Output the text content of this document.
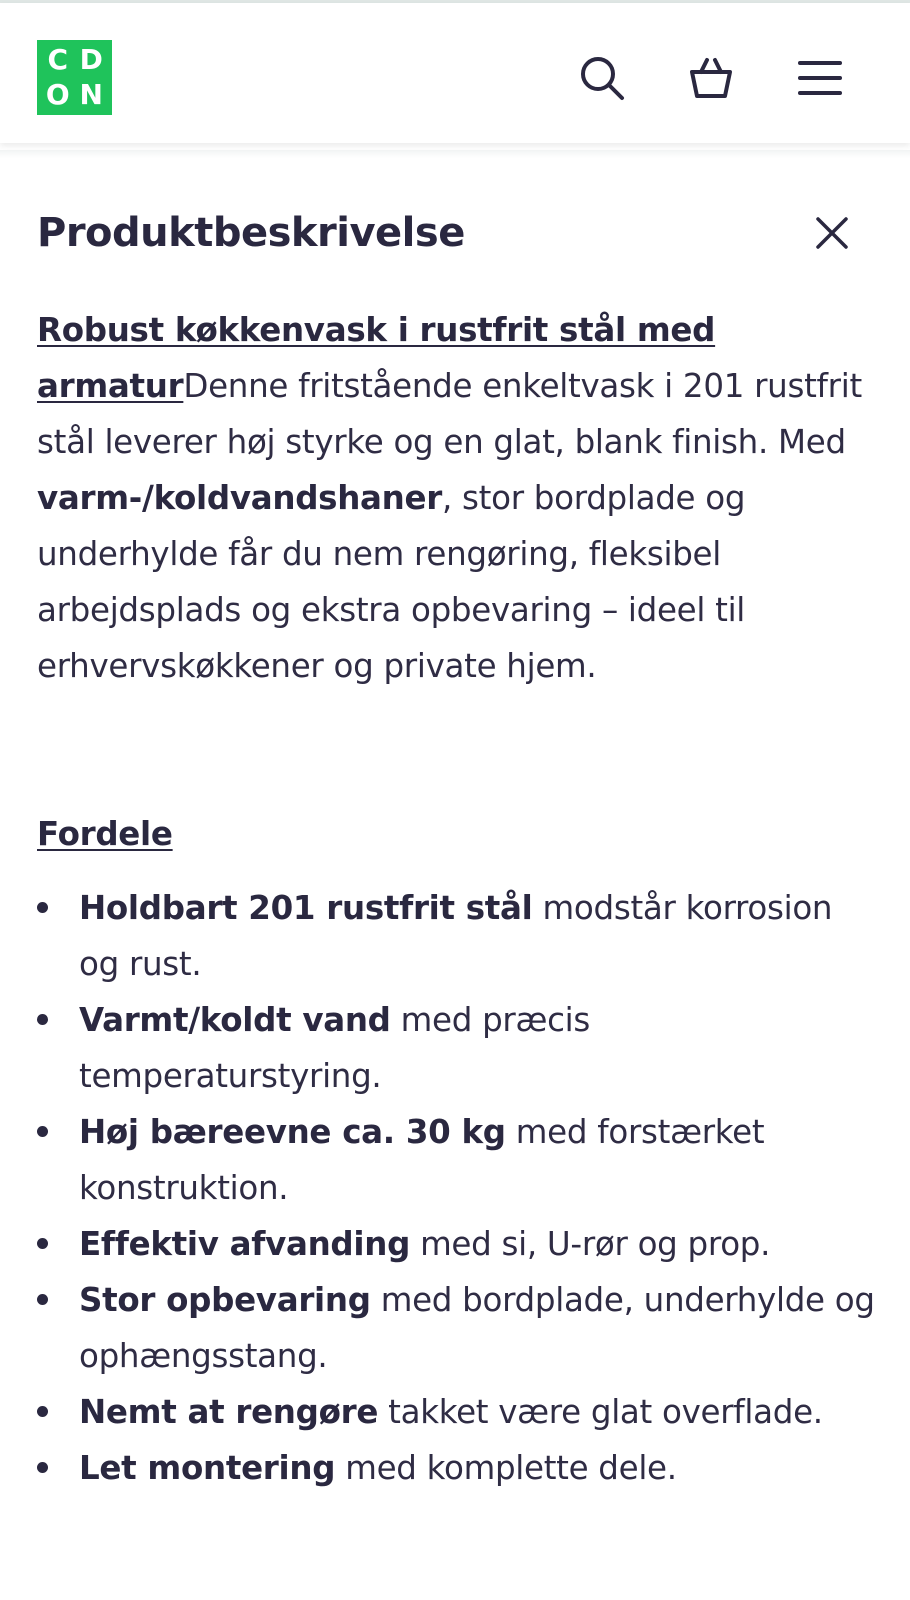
C D
O N
Produktbeskrivelse

Robust køkkenvask i rustfrit stål med armaturDenne fritstående enkeltvask i 201 rustfrit stål leverer høj styrke og en glat, blank finish. Med varm-/koldvandshaner, stor bordplade og underhylde får du nem rengøring, fleksibel arbejdsplads og ekstra opbevaring – ideel til erhvervskøkkener og private hjem.

Fordele

Holdbart 201 rustfrit stål modstår korrosion og rust.
Varmt/koldt vand med præcis temperaturstyring.
Høj bæreevne ca. 30 kg med forstærket konstruktion.
Effektiv afvanding med si, U-rør og prop.
Stor opbevaring med bordplade, underhylde og ophængsstang.
Nemt at rengøre takket være glat overflade.
Let montering med komplette dele.
